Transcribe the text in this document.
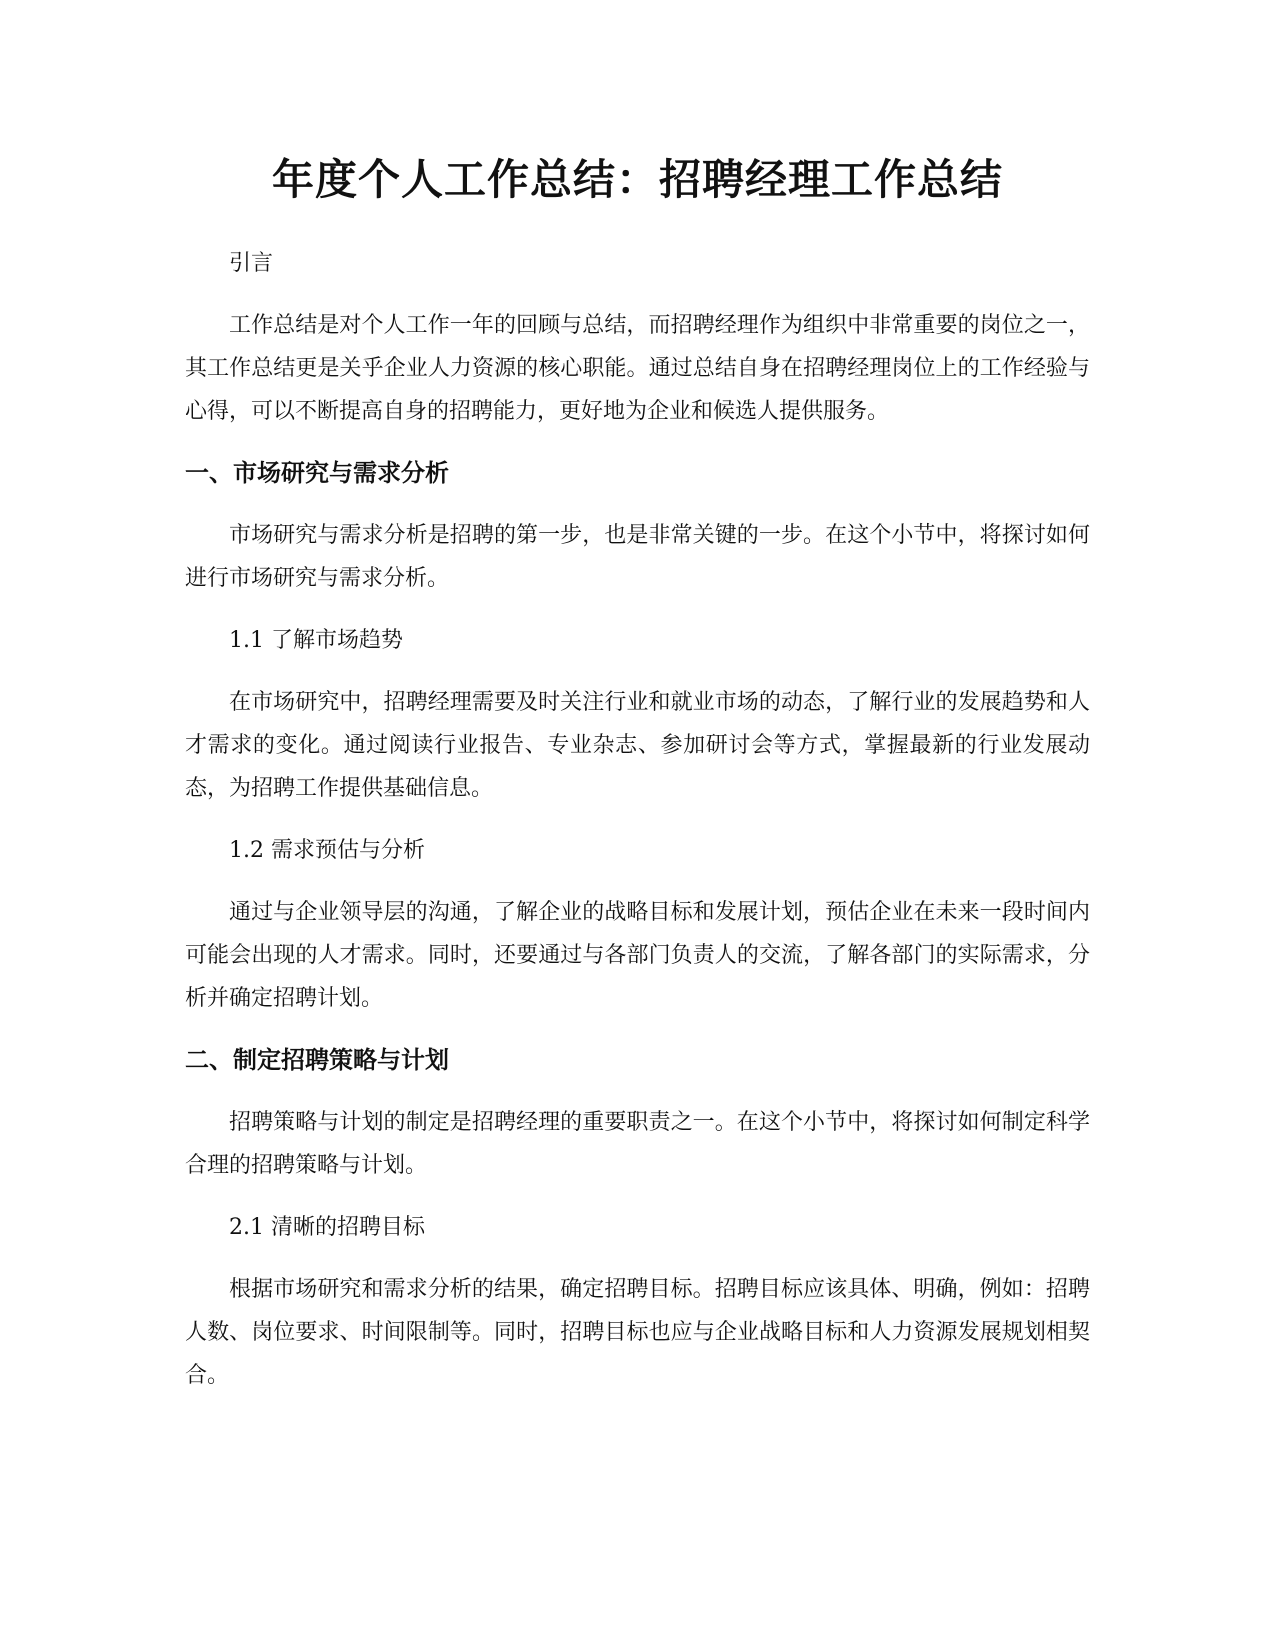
年度个人工作总结：招聘经理工作总结

引言

工作总结是对个人工作一年的回顾与总结，而招聘经理作为组织中非常重要的岗位之一，其工作总结更是关乎企业人力资源的核心职能。通过总结自身在招聘经理岗位上的工作经验与心得，可以不断提高自身的招聘能力，更好地为企业和候选人提供服务。

一、市场研究与需求分析

市场研究与需求分析是招聘的第一步，也是非常关键的一步。在这个小节中，将探讨如何进行市场研究与需求分析。

1.1 了解市场趋势

在市场研究中，招聘经理需要及时关注行业和就业市场的动态，了解行业的发展趋势和人才需求的变化。通过阅读行业报告、专业杂志、参加研讨会等方式，掌握最新的行业发展动态，为招聘工作提供基础信息。

1.2 需求预估与分析

通过与企业领导层的沟通，了解企业的战略目标和发展计划，预估企业在未来一段时间内可能会出现的人才需求。同时，还要通过与各部门负责人的交流，了解各部门的实际需求，分析并确定招聘计划。

二、制定招聘策略与计划

招聘策略与计划的制定是招聘经理的重要职责之一。在这个小节中，将探讨如何制定科学合理的招聘策略与计划。

2.1 清晰的招聘目标

根据市场研究和需求分析的结果，确定招聘目标。招聘目标应该具体、明确，例如：招聘人数、岗位要求、时间限制等。同时，招聘目标也应与企业战略目标和人力资源发展规划相契合。
